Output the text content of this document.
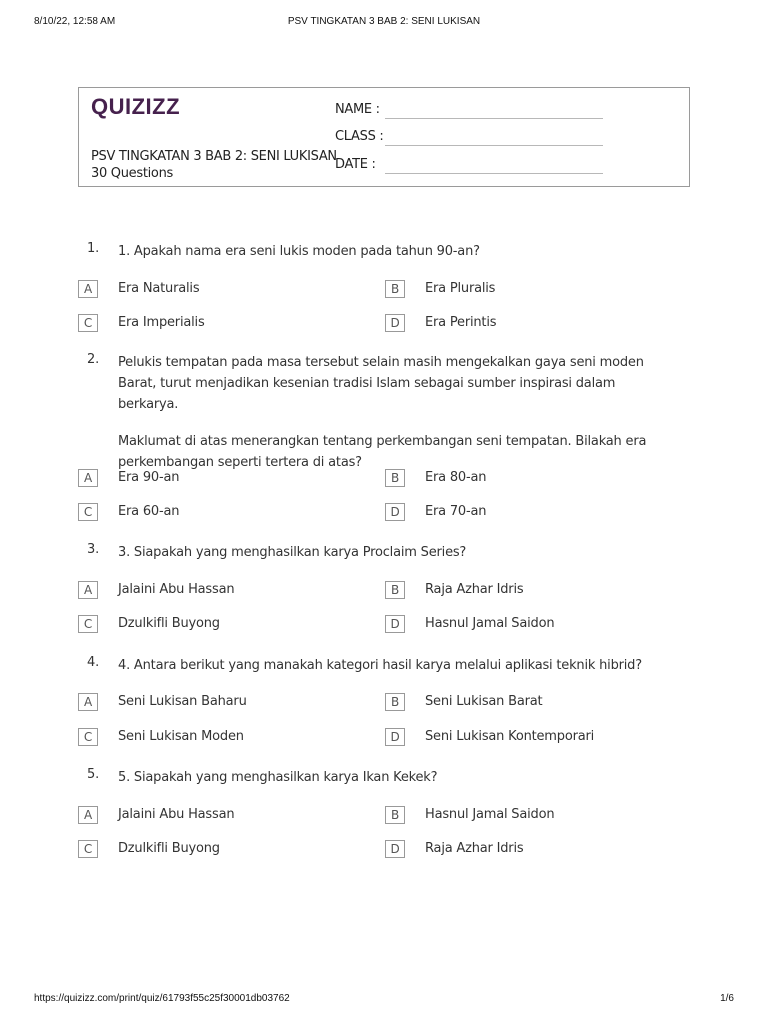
8/10/22, 12:58 AM	PSV TINGKATAN 3 BAB 2: SENI LUKISAN
QUIZIZZ
PSV TINGKATAN 3 BAB 2: SENI LUKISAN
30 Questions
NAME :
CLASS :
DATE :
1. 1. Apakah nama era seni lukis moden pada tahun 90-an?

A	Era Naturalis	B	Era Pluralis
C	Era Imperialis	D	Era Perintis
2. Pelukis tempatan pada masa tersebut selain masih mengekalkan gaya seni moden Barat, turut menjadikan kesenian tradisi Islam sebagai sumber inspirasi dalam berkarya.

Maklumat di atas menerangkan tentang perkembangan seni tempatan. Bilakah era perkembangan seperti tertera di atas?

A	Era 90-an	B	Era 80-an
C	Era 60-an	D	Era 70-an
3. 3. Siapakah yang menghasilkan karya Proclaim Series?

A	Jalaini Abu Hassan	B	Raja Azhar Idris
C	Dzulkifli Buyong	D	Hasnul Jamal Saidon
4. 4. Antara berikut yang manakah kategori hasil karya melalui aplikasi teknik hibrid?

A	Seni Lukisan Baharu	B	Seni Lukisan Barat
C	Seni Lukisan Moden	D	Seni Lukisan Kontemporari
5. 5. Siapakah yang menghasilkan karya Ikan Kekek?

A	Jalaini Abu Hassan	B	Hasnul Jamal Saidon
C	Dzulkifli Buyong	D	Raja Azhar Idris
https://quizizz.com/print/quiz/61793f55c25f30001db03762	1/6
